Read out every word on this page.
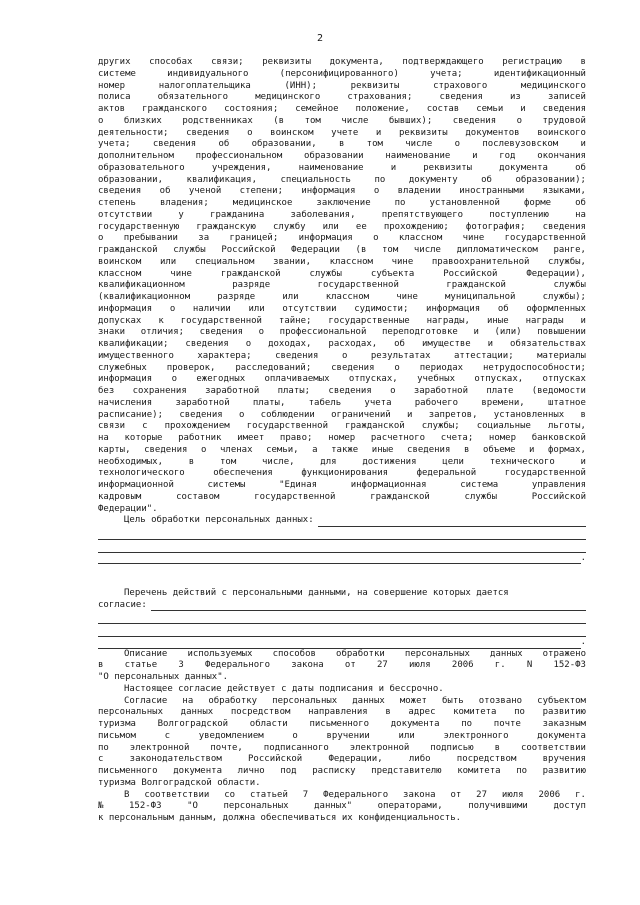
2
других способах связи; реквизиты документа, подтверждающего регистрацию в
системе	индивидуального	(персонифицированного)	учета;	идентификационный
номер	налогоплательщика	(ИНН);	реквизиты	страхового	медицинского
полиса	обязательного	медицинского	страхования;	сведения	из	записей
актов гражданского состояния; семейное положение, состав семьи и сведения
о близких родственниках (в том числе бывших); сведения о трудовой
деятельности; сведения о воинском учете и реквизиты документов воинского
учета; сведения об образовании, в том числе о послевузовском и
дополнительном профессиональном образовании наименование и год окончания
образовательного	учреждения,	наименование	и	реквизиты	документа	об
образовании,	квалификация,	специальность	по	документу	об	образовании);
сведения об ученой степени; информация о владении иностранными языками,
степень	владения;	медицинское	заключение	по	установленной	форме	об
отсутствии	у	гражданина	заболевания,	препятствующего	поступлению	на
государственную гражданскую службу или ее прохождению; фотография; сведения
о пребывании за границей; информация о классном чине государственной
гражданской службы Российской Федерации (в том числе дипломатическом ранге,
воинском или специальном звании, классном чине правоохранительной службы,
классном	чине	гражданской	службы	субъекта	Российской	Федерации),
квалификационном	разряде	государственной	гражданской	службы
(квалификационном	разряде	или	классном	чине	муниципальной	службы);
информация о наличии или отсутствии судимости; информация об оформленных
допусках к государственной тайне; государственные награды, иные награды и
знаки отличия; сведения о профессиональной переподготовке и (или) повышении
квалификации; сведения о доходах, расходах, об имуществе и обязательствах
имущественного	характера;	сведения	о	результатах	аттестации;	материалы
служебных проверок, расследований; сведения о периодах нетрудоспособности;
информация о ежегодных оплачиваемых отпусках, учебных отпусках, отпусках
без сохранения заработной платы; сведения о заработной плате (ведомости
начисления	заработной	платы,	табель	учета	рабочего	времени,	штатное
расписание); сведения о соблюдении ограничений и запретов, установленных в
связи с прохождением государственной гражданской службы; социальные льготы,
на которые работник имеет право; номер расчетного счета; номер банковской
карты, сведения о членах семьи, а также иные сведения в объеме и формах,
необходимых,	в	том	числе,	для	достижения	цели	технического	и
технологического	обеспечения	функционирования	федеральной	государственной
информационной	системы	"Единая	информационная	система	управления
кадровым	составом	государственной	гражданской	службы	Российской
Федерации".
Цель обработки персональных данных:
.
Перечень действий с персональными данными, на совершение которых дается
согласие:
.
Описание используемых способов обработки персональных данных отражено
в статье 3 Федерального закона от 27 июля 2006 г. N 152-ФЗ
"О персональных данных".
Настоящее согласие действует с даты подписания и бессрочно.
Согласие на обработку персональных данных может быть отозвано субъектом
персональных данных посредством направления в адрес комитета по развитию
туризма Волгоградской области письменного документа по почте заказным
письмом	с	уведомлением	о	вручении	или	электронного	документа
по электронной почте, подписанного электронной подписью в соответствии
с	законодательством	Российской	Федерации,	либо	посредством	вручения
письменного документа лично под расписку представителю комитета по развитию
туризма Волгоградской области.
В соответствии со статьей 7 Федерального закона от 27 июля 2006 г.
№	152-ФЗ	"О	персональных	данных"	операторами,	получившими	доступ
к персональным данным, должна обеспечиваться их конфиденциальность.
